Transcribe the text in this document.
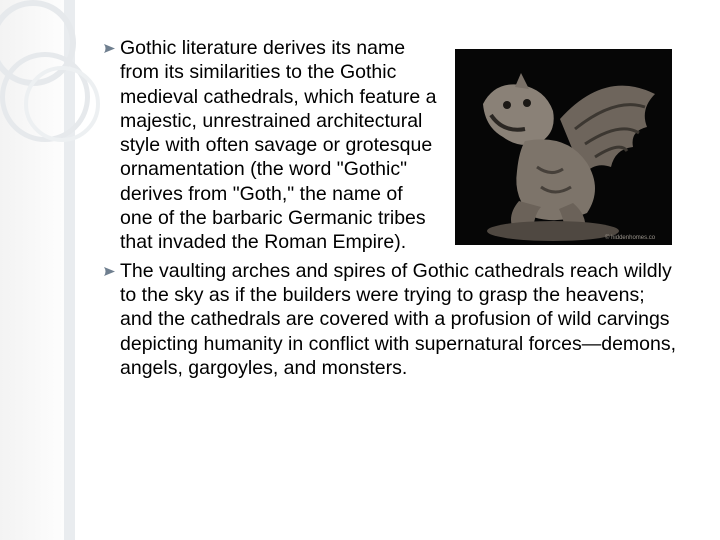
© hiddenhomes.co
Gothic literature derives its name from its similarities to the Gothic medieval cathedrals, which feature a majestic, unrestrained architectural style with often savage or grotesque ornamentation (the word "Gothic" derives from "Goth," the name of one of the barbaric Germanic tribes that invaded the Roman Empire).
The vaulting arches and spires of Gothic cathedrals reach wildly to the sky as if the builders were trying to grasp the heavens; and the cathedrals are covered with a profusion of wild carvings depicting humanity in conflict with supernatural forces—demons, angels, gargoyles, and monsters.
